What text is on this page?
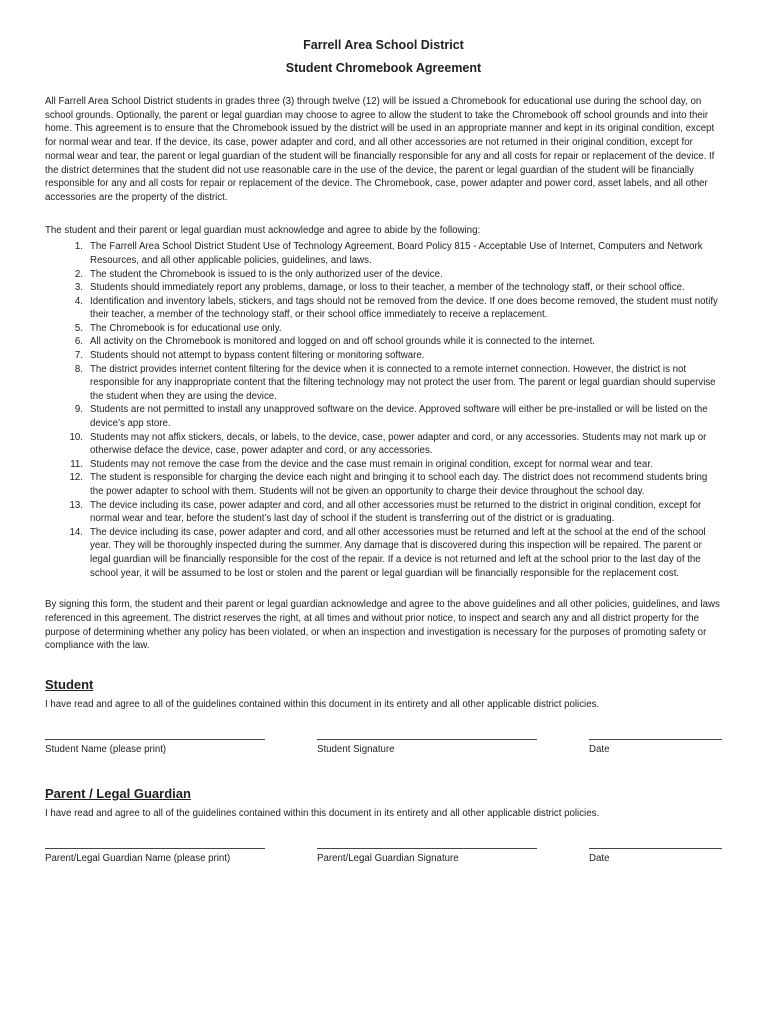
Farrell Area School District
Student Chromebook Agreement

All Farrell Area School District students in grades three (3) through twelve (12) will be issued a Chromebook for educational use during the school day, on school grounds. Optionally, the parent or legal guardian may choose to agree to allow the student to take the Chromebook off school grounds and into their home. This agreement is to ensure that the Chromebook issued by the district will be used in an appropriate manner and kept in its original condition, except for normal wear and tear. If the device, its case, power adapter and cord, and all other accessories are not returned in their original condition, except for normal wear and tear, the parent or legal guardian of the student will be financially responsible for any and all costs for repair or replacement of the device. If the district determines that the student did not use reasonable care in the use of the device, the parent or legal guardian of the student will be financially responsible for any and all costs for repair or replacement of the device. The Chromebook, case, power adapter and power cord, asset labels, and all other accessories are the property of the district.

The student and their parent or legal guardian must acknowledge and agree to abide by the following:

1. The Farrell Area School District Student Use of Technology Agreement, Board Policy 815 - Acceptable Use of Internet, Computers and Network Resources, and all other applicable policies, guidelines, and laws.
2. The student the Chromebook is issued to is the only authorized user of the device.
3. Students should immediately report any problems, damage, or loss to their teacher, a member of the technology staff, or their school office.
4. Identification and inventory labels, stickers, and tags should not be removed from the device. If one does become removed, the student must notify their teacher, a member of the technology staff, or their school office immediately to receive a replacement.
5. The Chromebook is for educational use only.
6. All activity on the Chromebook is monitored and logged on and off school grounds while it is connected to the internet.
7. Students should not attempt to bypass content filtering or monitoring software.
8. The district provides internet content filtering for the device when it is connected to a remote internet connection. However, the district is not responsible for any inappropriate content that the filtering technology may not protect the user from. The parent or legal guardian should supervise the student when they are using the device.
9. Students are not permitted to install any unapproved software on the device. Approved software will either be pre-installed or will be listed on the device’s app store.
10. Students may not affix stickers, decals, or labels, to the device, case, power adapter and cord, or any accessories. Students may not mark up or otherwise deface the device, case, power adapter and cord, or any accessories.
11. Students may not remove the case from the device and the case must remain in original condition, except for normal wear and tear.
12. The student is responsible for charging the device each night and bringing it to school each day. The district does not recommend students bring the power adapter to school with them. Students will not be given an opportunity to charge their device throughout the school day.
13. The device including its case, power adapter and cord, and all other accessories must be returned to the district in original condition, except for normal wear and tear, before the student’s last day of school if the student is transferring out of the district or is graduating.
14. The device including its case, power adapter and cord, and all other accessories must be returned and left at the school at the end of the school year. They will be thoroughly inspected during the summer. Any damage that is discovered during this inspection will be repaired. The parent or legal guardian will be financially responsible for the cost of the repair. If a device is not returned and left at the school prior to the last day of the school year, it will be assumed to be lost or stolen and the parent or legal guardian will be financially responsible for the replacement cost.

By signing this form, the student and their parent or legal guardian acknowledge and agree to the above guidelines and all other policies, guidelines, and laws referenced in this agreement. The district reserves the right, at all times and without prior notice, to inspect and search any and all district property for the purpose of determining whether any policy has been violated, or when an inspection and investigation is necessary for the purposes of promoting safety or compliance with the law.

Student
I have read and agree to all of the guidelines contained within this document in its entirety and all other applicable district policies.
Student Name (please print)	Student Signature	Date
Parent / Legal Guardian
I have read and agree to all of the guidelines contained within this document in its entirety and all other applicable district policies.
Parent/Legal Guardian Name (please print)	Parent/Legal Guardian Signature	Date
